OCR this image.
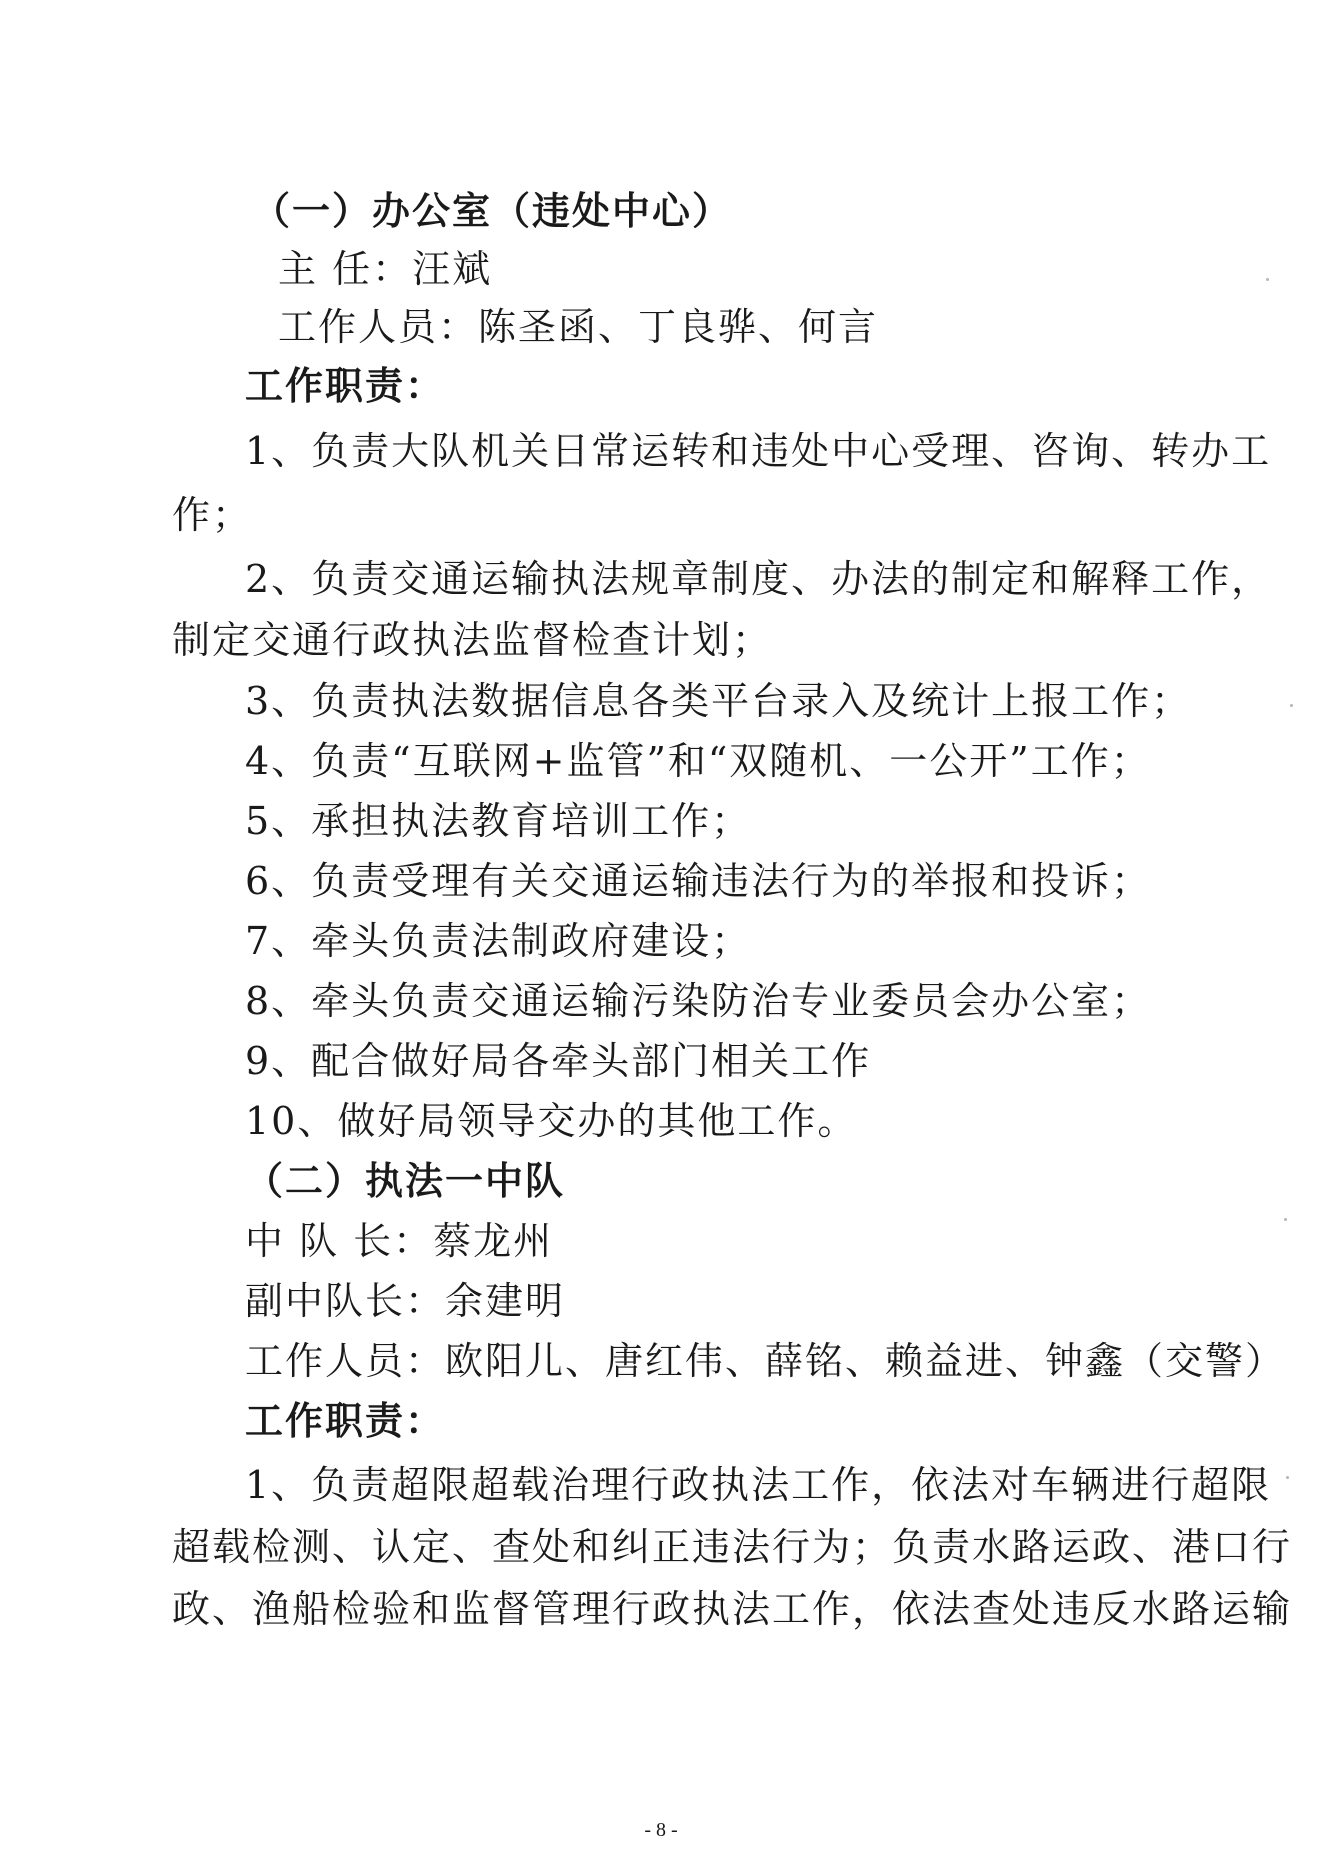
（一）办公室（违处中心）
主 任：汪斌
工作人员：陈圣函、丁良骅、何言
工作职责：
1、负责大队机关日常运转和违处中心受理、咨询、转办工
作；
2、负责交通运输执法规章制度、办法的制定和解释工作，
制定交通行政执法监督检查计划；
3、负责执法数据信息各类平台录入及统计上报工作；
4、负责“互联网+监管”和“双随机、一公开”工作；
5、承担执法教育培训工作；
6、负责受理有关交通运输违法行为的举报和投诉；
7、牵头负责法制政府建设；
8、牵头负责交通运输污染防治专业委员会办公室；
9、配合做好局各牵头部门相关工作
10、做好局领导交办的其他工作。
（二）执法一中队
中 队 长：蔡龙州
副中队长：余建明
工作人员：欧阳儿、唐红伟、薛铭、赖益进、钟鑫（交警）
工作职责：
1、负责超限超载治理行政执法工作，依法对车辆进行超限
超载检测、认定、查处和纠正违法行为；负责水路运政、港口行
政、渔船检验和监督管理行政执法工作，依法查处违反水路运输
- 8 -
